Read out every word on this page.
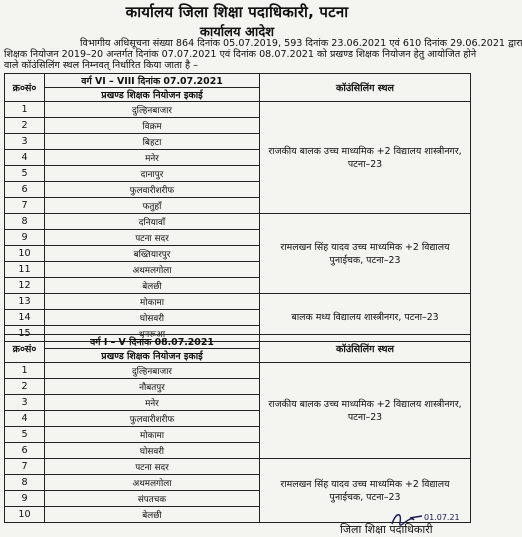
कार्यालय जिला शिक्षा पदाधिकारी, पटना
कार्यालय आदेश
विभागीय अधिसूचना संख्या 864 दिनांक 05.07.2019, 593 दिनांक 23.06.2021 एवं 610 दिनांक 29.06.2021 द्वारा
शिक्षक नियोजन 2019–20 अन्तर्गत दिनांक 07.07.2021 एवं दिनांक 08.07.2021 को प्रखण्ड शिक्षक नियोजन हेतु आयोजित होने
वाले कॉउंसिलिंग स्थल निम्नवत् निर्धारित किया जाता है –
क्र०सं०	वर्ग VI – VIII दिनांक 07.07.2021	कॉउंसिलिंग स्थल
	प्रखण्ड शिक्षक नियोजन इकाई	
1	दुल्हिनबाजार	राजकीय बालक उच्च माध्यमिक +2 विद्यालय शास्त्रीनगर, पटना–23
2	विक्रम	
3	बिहटा	
4	मनेर	
5	दानापुर	
6	फुलवारीशरीफ	
7	फतुहाँ	
8	दनियावाँ	रामलखन सिंह यादव उच्च माध्यमिक +2 विद्यालय पुनाईचक, पटना–23
9	पटना सदर	
10	बख्तियारपुर	
11	अथमलगोला	
12	बेलछी	
13	मोकामा	बालक मध्य विद्यालय शास्त्रीनगर, पटना–23
14	घोसवरी	
15	धनरूआ	
क्र०सं०	वर्ग I – V दिनांक 08.07.2021	कॉउंसिलिंग स्थल
	प्रखण्ड शिक्षक नियोजन इकाई	
1	दुल्हिनबाजार	राजकीय बालक उच्च माध्यमिक +2 विद्यालय शास्त्रीनगर, पटना–23
2	नौबतपुर	
3	मनेर	
4	फुलवारीशरीफ	
5	मोकामा	
6	घोसवरी	
7	पटना सदर	रामलखन सिंह यादव उच्च माध्यमिक +2 विद्यालय पुनाईचक, पटना–23
8	अथमलगोला	
9	संपतचक	
10	बेलछी		01.07.21
जिला शिक्षा पदाधिकारी
